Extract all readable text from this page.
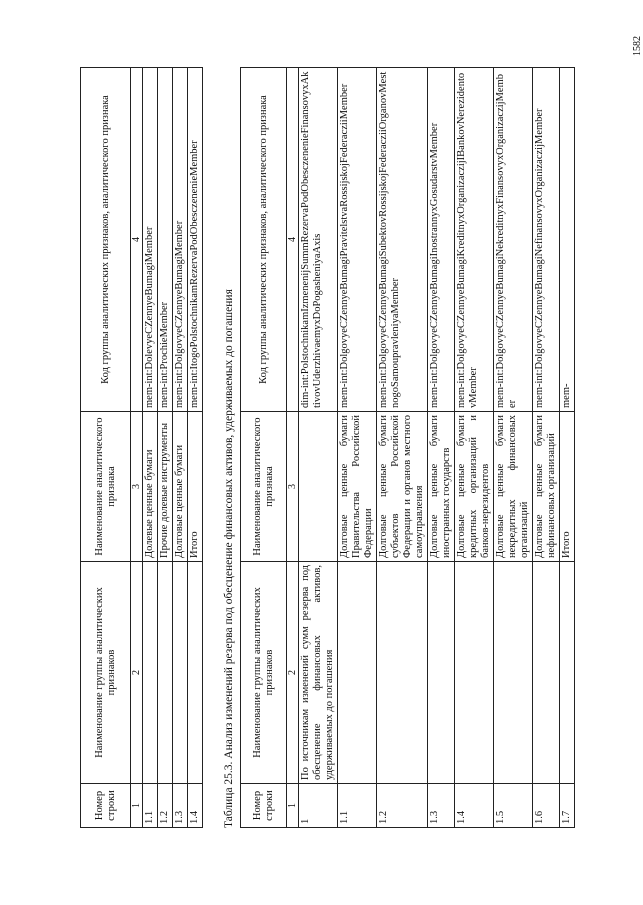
Номер строки	Наименование группы аналитических признаков	Наименование аналитического признака	Код группы аналитических признаков, аналитического признака
1	2	3	4
1.1		Долевые ценные бумаги	mem-int:DolevyeCZennyeBumagiMember
1.2		Прочие долевые инструменты	mem-int:ProchieMember
1.3		Долговые ценные бумаги	mem-int:DolgovyeCZennyeBumagiMember
1.4		Итого	mem-int:ItogoPolstochnikamRezervaPodObesczenenieMember
Таблица 25.3. Анализ изменений резерва под обесценение финансовых активов, удерживаемых до погашения Номер строки	Наименование группы аналитических признаков	Наименование аналитического признака	Код группы аналитических признаков, аналитического признака
1	2	3	4
1	По источникам изменений сумм резерва под обесценение финансовых активов, удерживаемых до погашения		dim-int:PolstochnikamIzmenenijSummRezervaPodObesczenenieFinansovyxAktivovUderzhivaemyxDoPogasheniyaAxis
1.1		Долговые ценные бумаги Правительства Российской Федерации	mem-int:DolgovyeCZennyeBumagiPravitelstvaRossijskojFederacziiMember
1.2		Долговые ценные бумаги субъектов Российской Федерации и органов местного самоуправления	mem-int:DolgovyeCZennyeBumagiSubektovRossijskojFederacziiOrganovMestnogoSamoupravleniyaMember
1.3		Долговые ценные бумаги иностранных государств	mem-int:DolgovyeCZennyeBumagiInostrannyxGosudarstvMember
1.4		Долговые ценные бумаги кредитных организаций и банков-нерезидентов	mem-int:DolgovyeCZennyeBumagiKreditnyxOrganizaczijIBankovNerezidentovMember
1.5		Долговые ценные бумаги некредитных финансовых организаций	mem-int:DolgovyeCZennyeBumagiNekreditnyxFinansovyxOrganizaczijMember
1.6		Долговые ценные бумаги нефинансовых организаций	mem-int:DolgovyeCZennyeBumagiNefinansovyxOrganizaczijMember
1.7		Итого	mem-
1582
